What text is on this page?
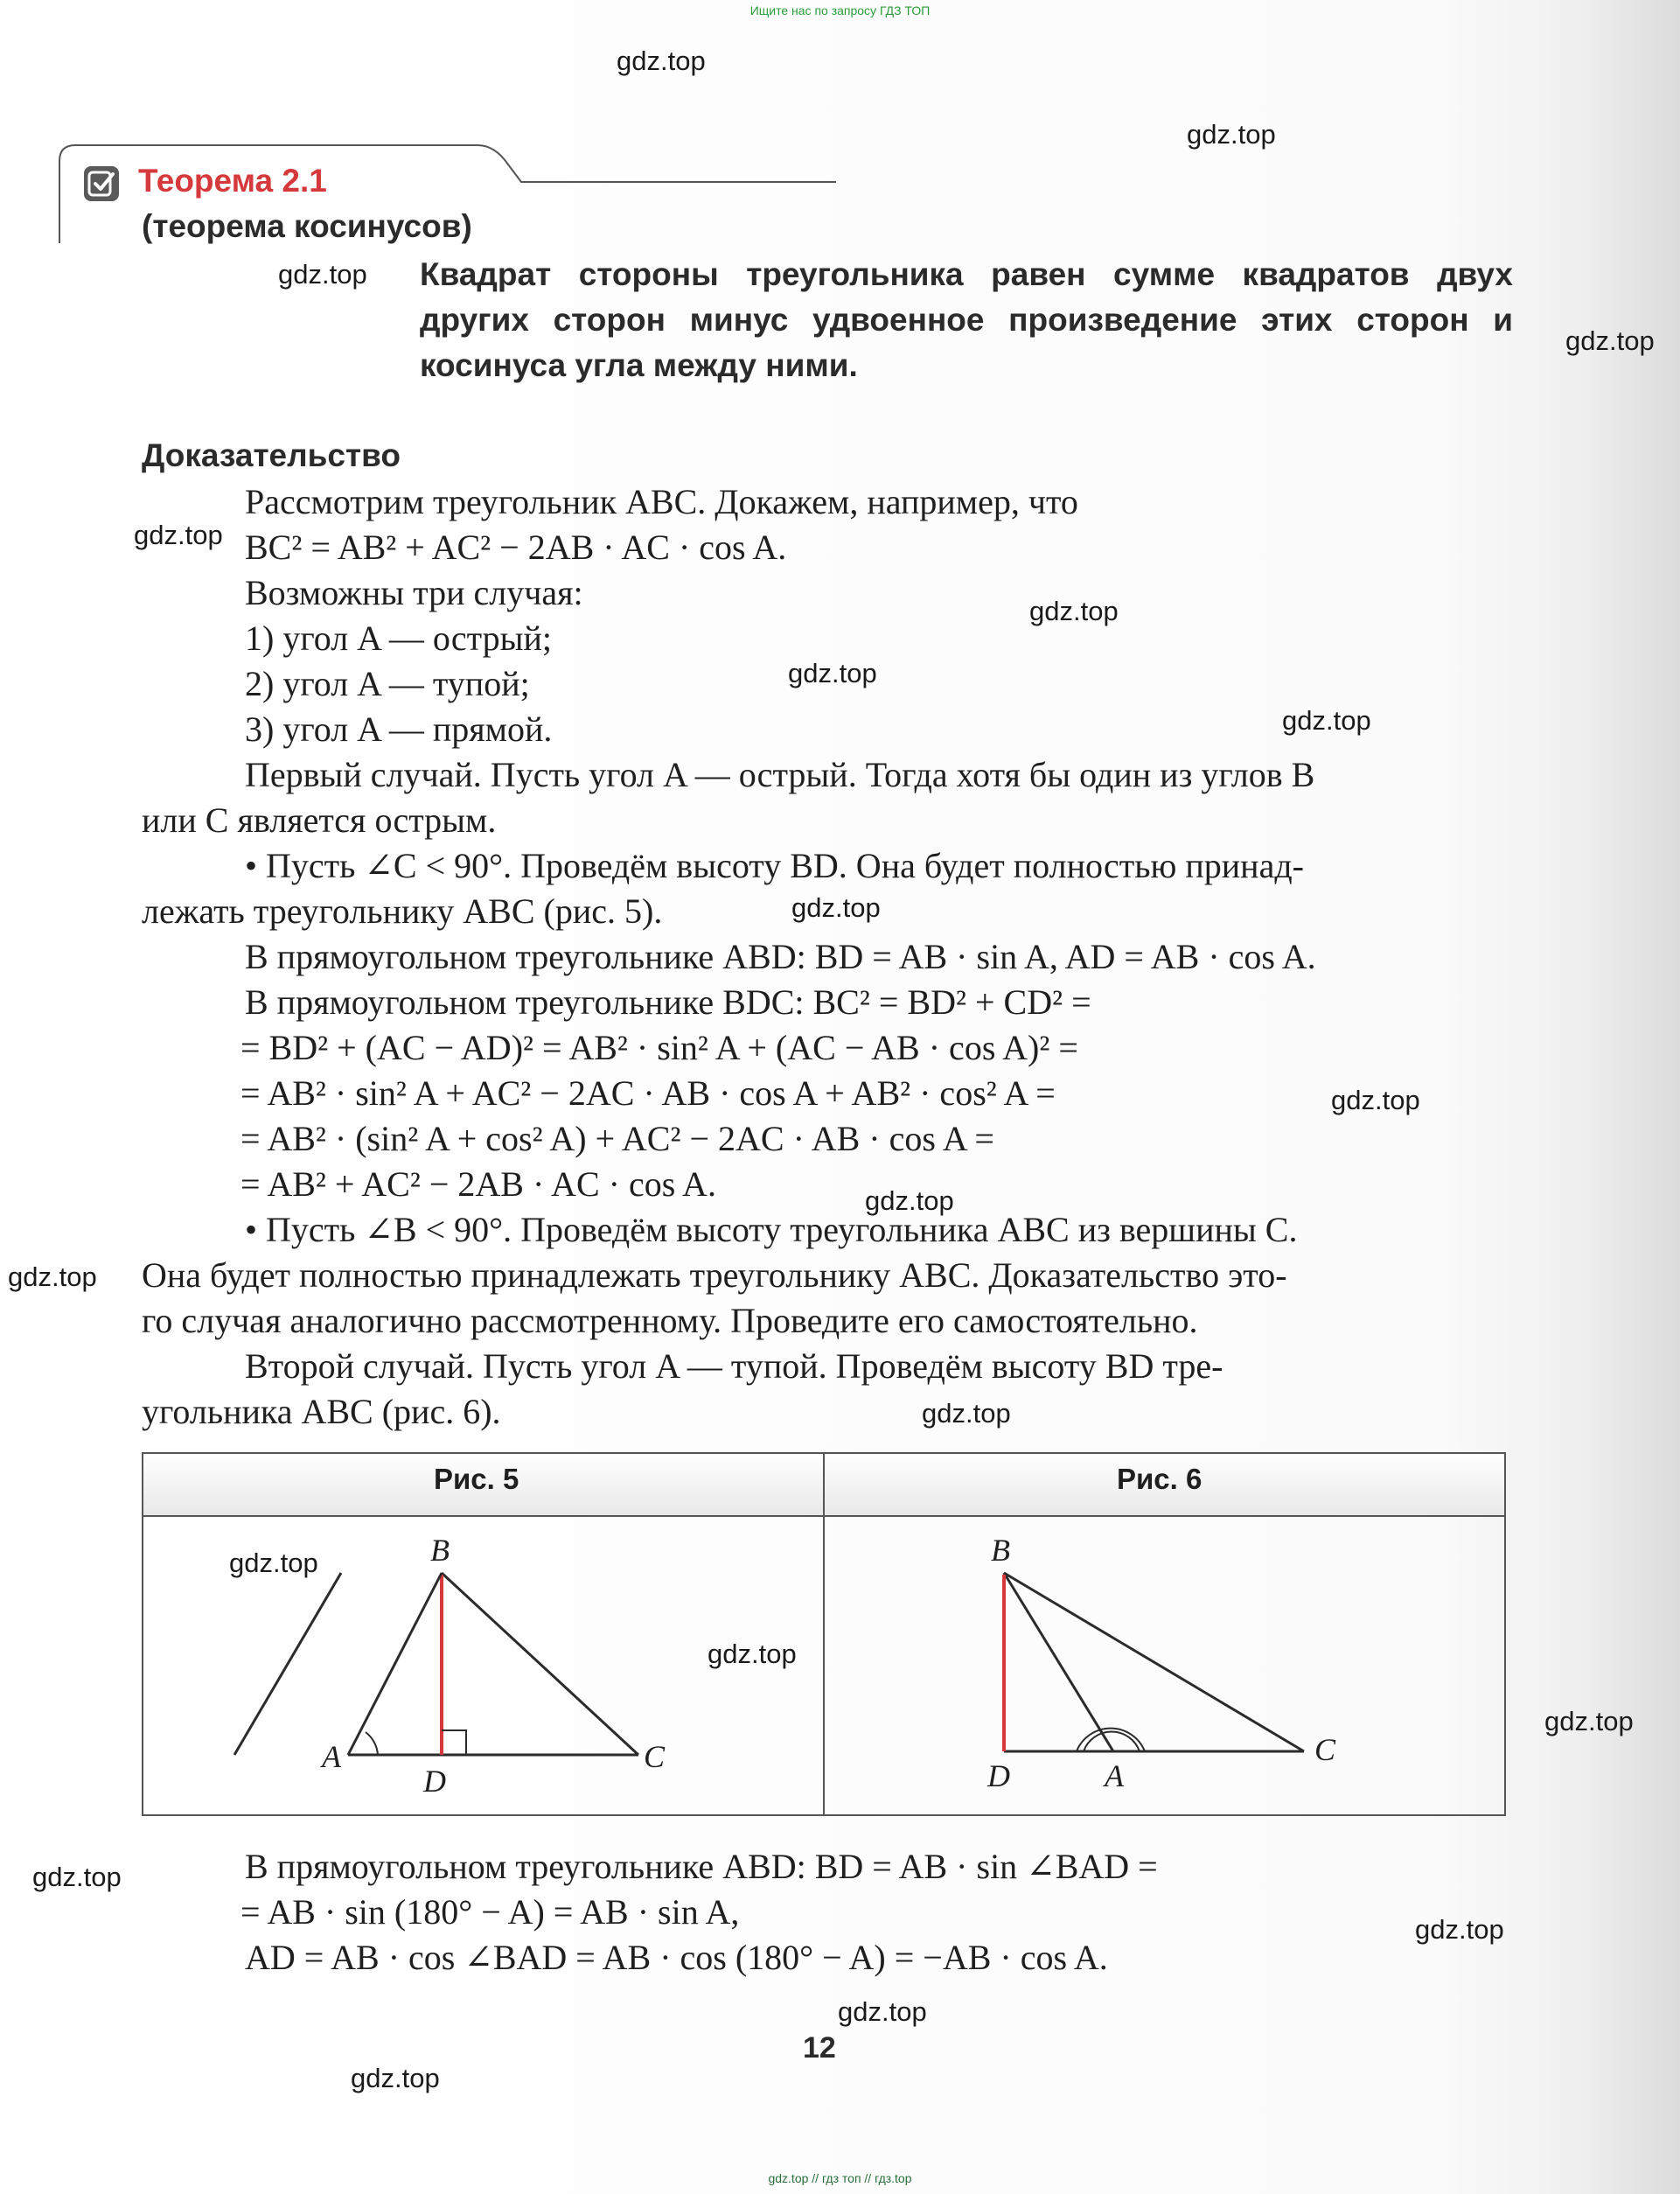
Ищите нас по запросу ГДЗ ТОП
gdz.top
gdz.top
gdz.top
gdz.top
gdz.top
gdz.top
gdz.top
gdz.top
gdz.top
gdz.top
gdz.top
gdz.top
gdz.top
gdz.top
gdz.top
gdz.top
gdz.top
gdz.top
gdz.top
gdz.top
Теорема 2.1
(теорема косинусов)
Квадрат стороны треугольника равен сумме квадратов двух других сторон минус удвоенное произведение этих сторон и косинуса угла между ними.
Доказательство
Рассмотрим треугольник ABC. Докажем, например, что
BC² = AB² + AC² − 2AB · AC · cos A.
Возможны три случая:
1) угол A — острый;
2) угол A — тупой;
3) угол A — прямой.
Первый случай. Пусть угол A — острый. Тогда хотя бы один из углов B
или C является острым.
• Пусть ∠C < 90°. Проведём высоту BD. Она будет полностью принад-
лежать треугольнику ABC (рис. 5).
В прямоугольном треугольнике ABD: BD = AB · sin A, AD = AB · cos A.
В прямоугольном треугольнике BDC: BC² = BD² + CD² =
= BD² + (AC − AD)² = AB² · sin² A + (AC − AB · cos A)² =
= AB² · sin² A + AC² − 2AC · AB · cos A + AB² · cos² A =
= AB² · (sin² A + cos² A) + AC² − 2AC · AB · cos A =
= AB² + AC² − 2AB · AC · cos A.
• Пусть ∠B < 90°. Проведём высоту треугольника ABC из вершины C.
Она будет полностью принадлежать треугольнику ABC. Доказательство это-
го случая аналогично рассмотренному. Проведите его самостоятельно.
Второй случай. Пусть угол A — тупой. Проведём высоту BD тре-
угольника ABC (рис. 6).
Рис. 5	Рис. 6
B
A	C
D
B
D	A
C
В прямоугольном треугольнике ABD: BD = AB · sin ∠BAD =
= AB · sin (180° − A) = AB · sin A,
AD = AB · cos ∠BAD = AB · cos (180° − A) = −AB · cos A.
12
gdz.top // гдз топ // гдз.top
